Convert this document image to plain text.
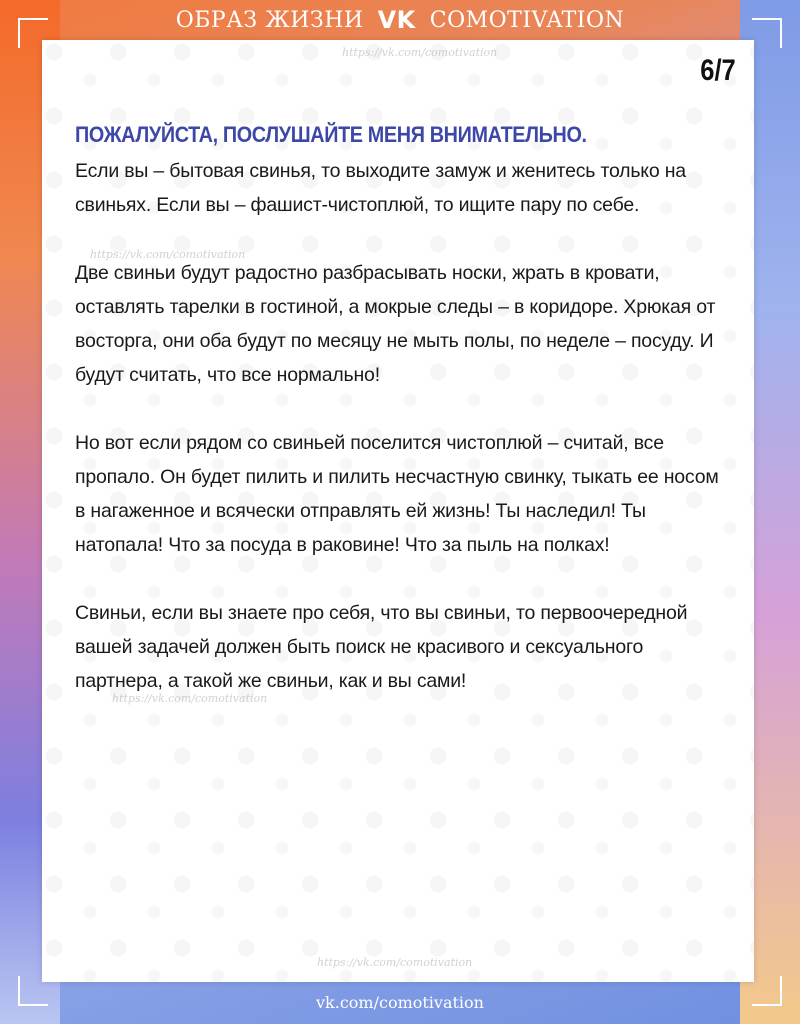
ОБРАЗ ЖИЗНИ VK COMOTIVATION
https://vk.com/comotivation
https://vk.com/comotivation
https://vk.com/comotivation
https://vk.com/comotivation
6/7
ПОЖАЛУЙСТА, ПОСЛУШАЙТЕ МЕНЯ ВНИМАТЕЛЬНО.

Если вы – бытовая свинья, то выходите замуж и женитесь только на свиньях. Если вы – фашист-чистоплюй, то ищите пару по себе.

Две свиньи будут радостно разбрасывать носки, жрать в кровати, оставлять тарелки в гостиной, а мокрые следы – в коридоре. Хрюкая от восторга, они оба будут по месяцу не мыть полы, по неделе – посуду. И будут считать, что все нормально!

Но вот если рядом со свиньей поселится чистоплюй – считай, все пропало. Он будет пилить и пилить несчастную свинку, тыкать ее носом в нагаженное и всячески отправлять ей жизнь! Ты наследил! Ты натопала! Что за посуда в раковине! Что за пыль на полках!

Свиньи, если вы знаете про себя, что вы свиньи, то первоочередной вашей задачей должен быть поиск не красивого и сексуального партнера, а такой же свиньи, как и вы сами!

vk.com/comotivation
